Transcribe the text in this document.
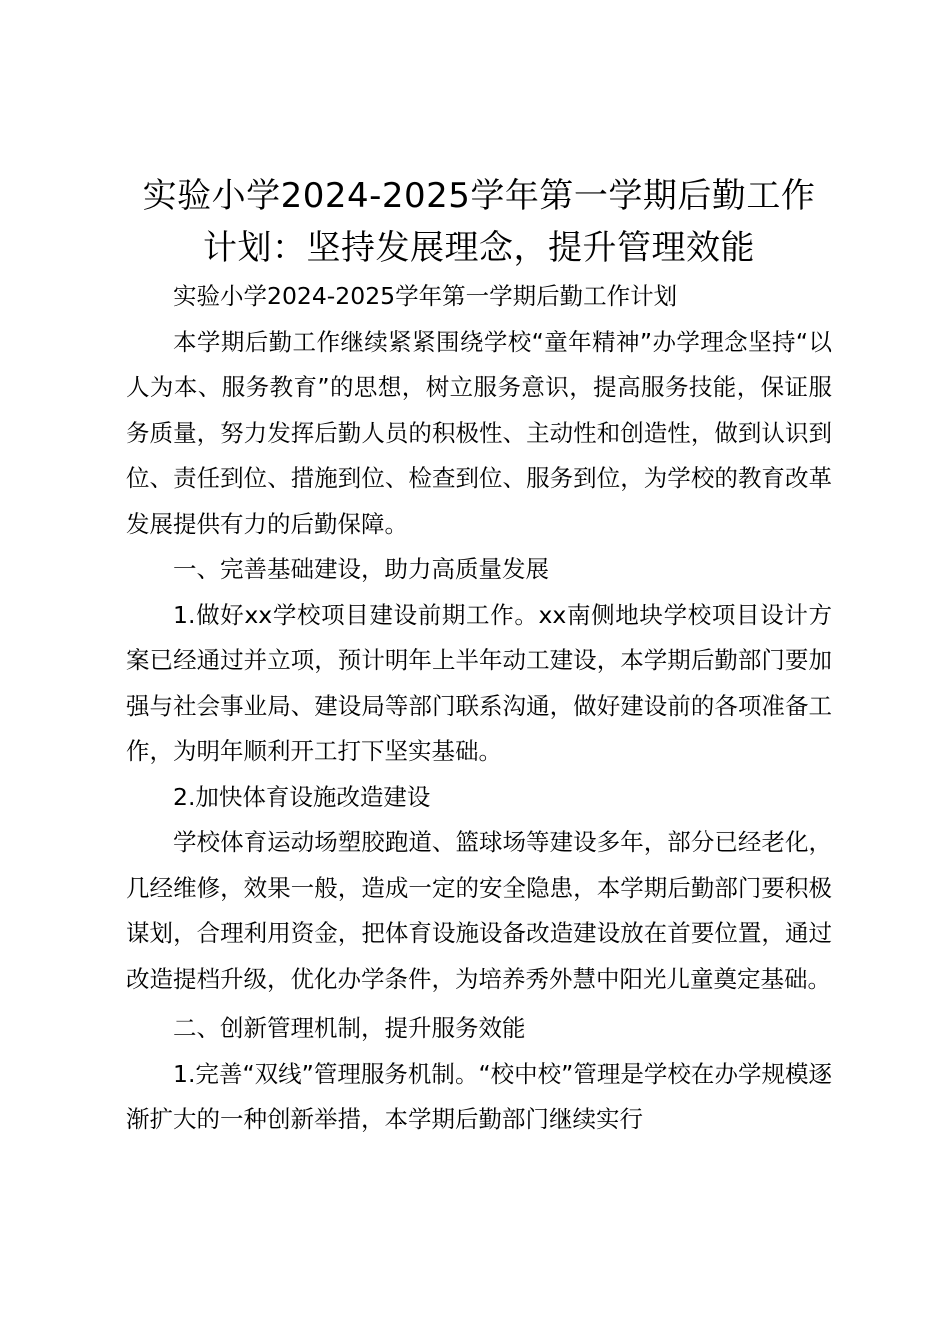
实验小学2024-2025学年第一学期后勤工作计划：坚持发展理念，提升管理效能

实验小学2024-2025学年第一学期后勤工作计划

本学期后勤工作继续紧紧围绕学校“童年精神”办学理念坚持“以人为本、服务教育”的思想，树立服务意识，提高服务技能，保证服务质量，努力发挥后勤人员的积极性、主动性和创造性，做到认识到位、责任到位、措施到位、检查到位、服务到位，为学校的教育改革发展提供有力的后勤保障。

一、完善基础建设，助力高质量发展

1.做好xx学校项目建设前期工作。xx南侧地块学校项目设计方案已经通过并立项，预计明年上半年动工建设，本学期后勤部门要加强与社会事业局、建设局等部门联系沟通，做好建设前的各项准备工作，为明年顺利开工打下坚实基础。

2.加快体育设施改造建设

学校体育运动场塑胶跑道、篮球场等建设多年，部分已经老化，几经维修，效果一般，造成一定的安全隐患，本学期后勤部门要积极谋划，合理利用资金，把体育设施设备改造建设放在首要位置，通过改造提档升级，优化办学条件，为培养秀外慧中阳光儿童奠定基础。

二、创新管理机制，提升服务效能

1.完善“双线”管理服务机制。“校中校”管理是学校在办学规模逐渐扩大的一种创新举措，本学期后勤部门继续实行
